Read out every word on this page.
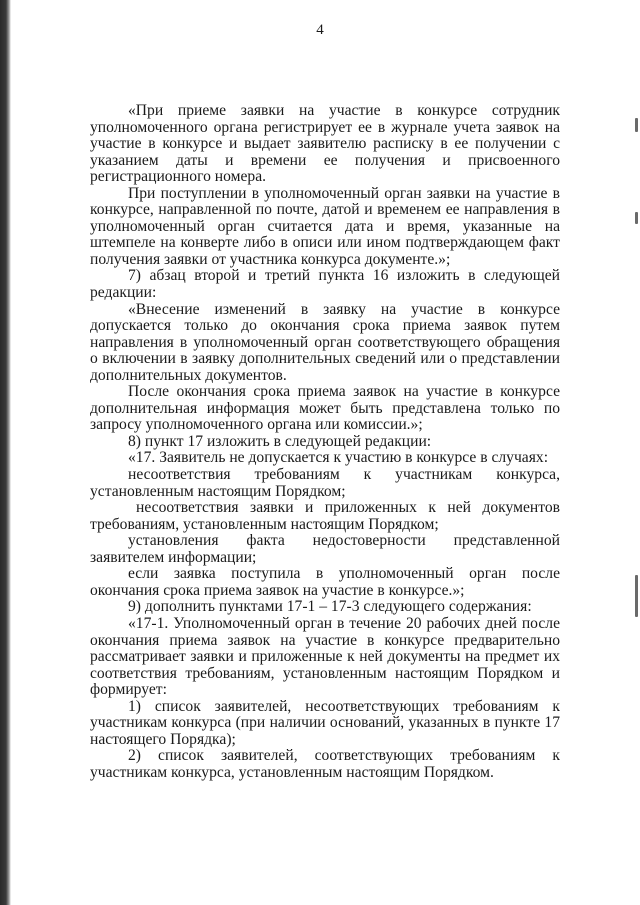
4

«При приеме заявки на участие в конкурсе сотрудник уполномоченного органа регистрирует ее в журнале учета заявок на участие в конкурсе и выдает заявителю расписку в ее получении с указанием даты и времени ее получения и присвоенного регистрационного номера.

При поступлении в уполномоченный орган заявки на участие в конкурсе, направленной по почте, датой и временем ее направления в уполномоченный орган считается дата и время, указанные на штемпеле на конверте либо в описи или ином подтверждающем факт получения заявки от участника конкурса документе.»;

7) абзац второй и третий пункта 16 изложить в следующей редакции:

«Внесение изменений в заявку на участие в конкурсе допускается только до окончания срока приема заявок путем направления в уполномоченный орган соответствующего обращения о включении в заявку дополнительных сведений или о представлении дополнительных документов.

После окончания срока приема заявок на участие в конкурсе дополнительная информация может быть представлена только по запросу уполномоченного органа или комиссии.»;

8) пункт 17 изложить в следующей редакции:

«17. Заявитель не допускается к участию в конкурсе в случаях:

несоответствия требованиям к участникам конкурса, установленным настоящим Порядком;

несоответствия заявки и приложенных к ней документов требованиям, установленным настоящим Порядком;

установления факта недостоверности представленной заявителем информации;

если заявка поступила в уполномоченный орган после окончания срока приема заявок на участие в конкурсе.»;

9) дополнить пунктами 17-1 – 17-3 следующего содержания:

«17-1. Уполномоченный орган в течение 20 рабочих дней после окончания приема заявок на участие в конкурсе предварительно рассматривает заявки и приложенные к ней документы на предмет их соответствия требованиям, установленным настоящим Порядком и формирует:

1) список заявителей, несоответствующих требованиям к участникам конкурса (при наличии оснований, указанных в пункте 17 настоящего Порядка);

2) список заявителей, соответствующих требованиям к участникам конкурса, установленным настоящим Порядком.
